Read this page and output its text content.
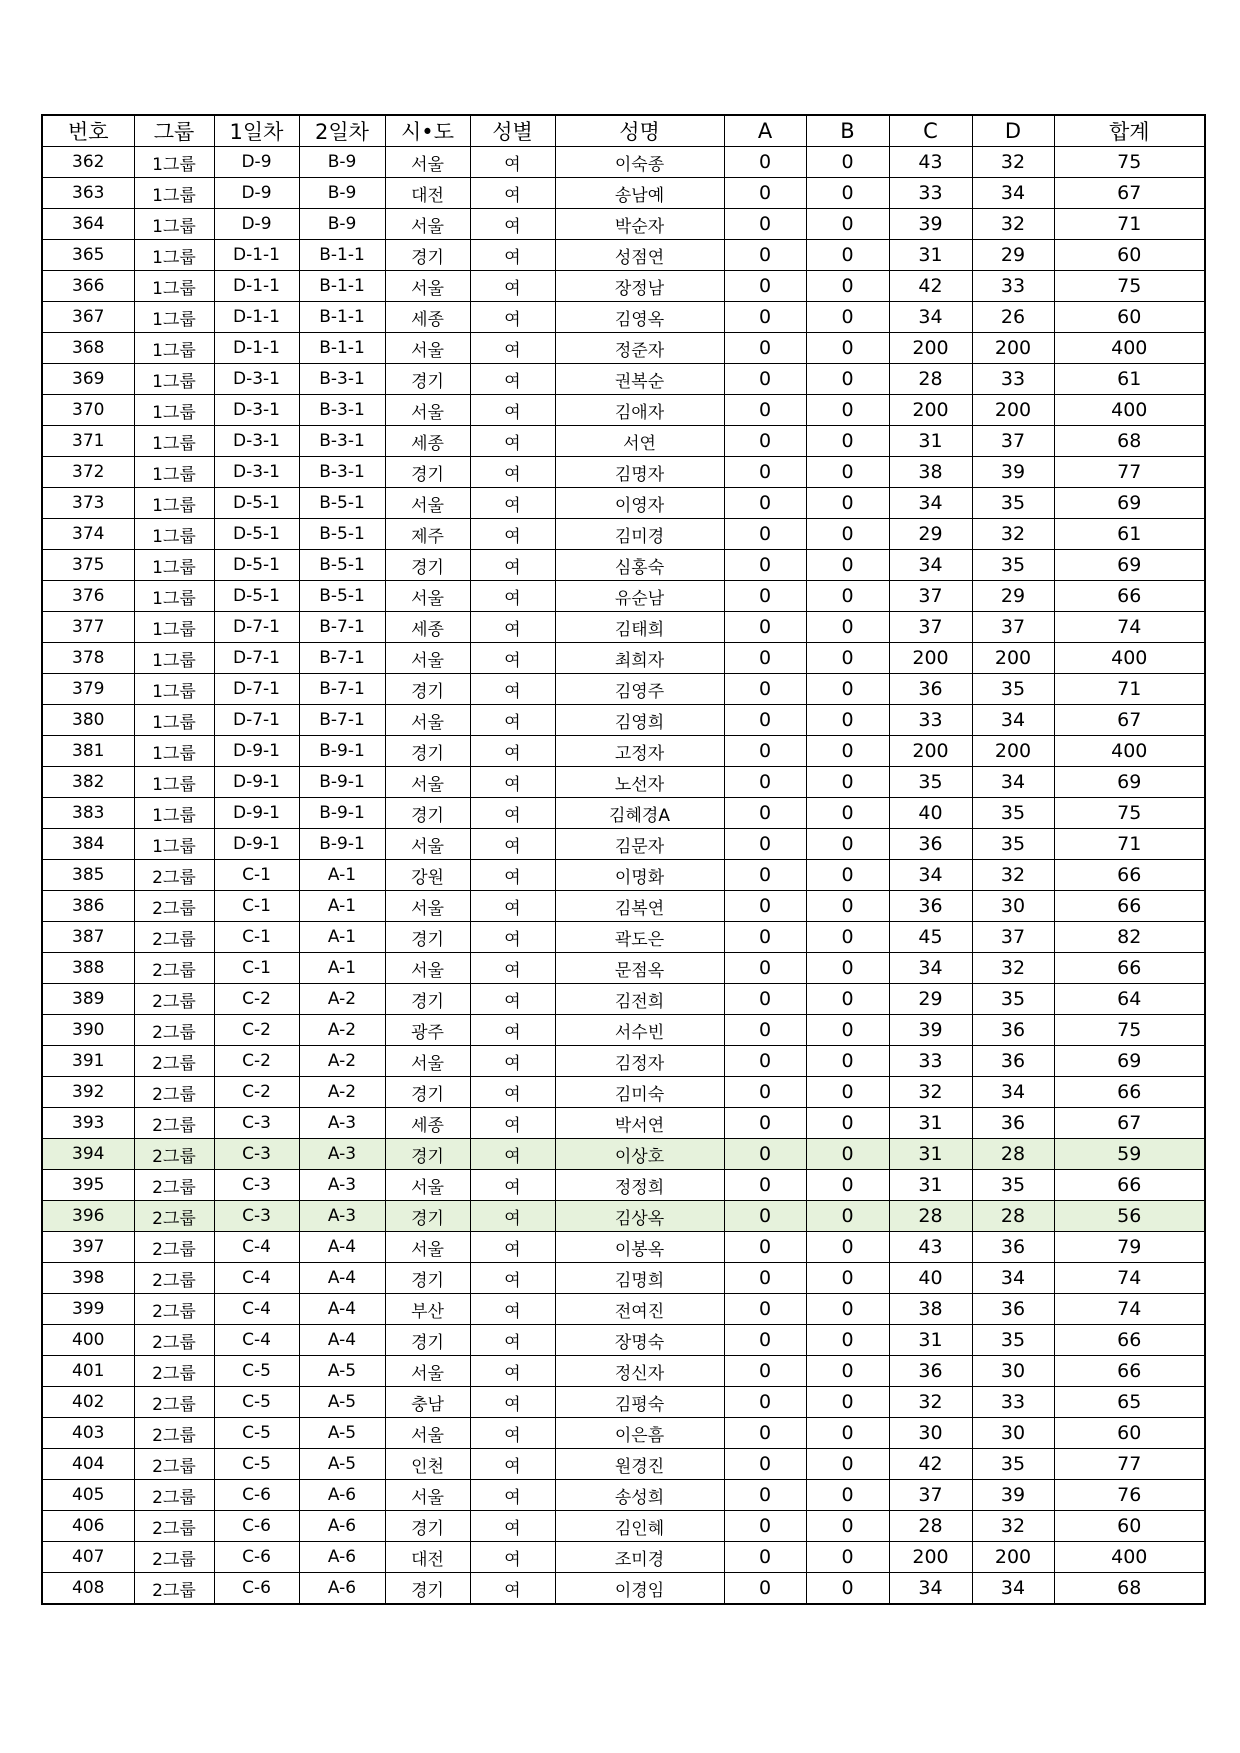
번호	그룹	1일차	2일차	시•도	성별	성명	A	B	C	D	합계
362	1그룹	D-9	B-9	서울	여	이숙종	0	0	43	32	75
363	1그룹	D-9	B-9	대전	여	송남예	0	0	33	34	67
364	1그룹	D-9	B-9	서울	여	박순자	0	0	39	32	71
365	1그룹	D-1-1	B-1-1	경기	여	성점연	0	0	31	29	60
366	1그룹	D-1-1	B-1-1	서울	여	장정남	0	0	42	33	75
367	1그룹	D-1-1	B-1-1	세종	여	김영옥	0	0	34	26	60
368	1그룹	D-1-1	B-1-1	서울	여	정준자	0	0	200	200	400
369	1그룹	D-3-1	B-3-1	경기	여	권복순	0	0	28	33	61
370	1그룹	D-3-1	B-3-1	서울	여	김애자	0	0	200	200	400
371	1그룹	D-3-1	B-3-1	세종	여	서연	0	0	31	37	68
372	1그룹	D-3-1	B-3-1	경기	여	김명자	0	0	38	39	77
373	1그룹	D-5-1	B-5-1	서울	여	이영자	0	0	34	35	69
374	1그룹	D-5-1	B-5-1	제주	여	김미경	0	0	29	32	61
375	1그룹	D-5-1	B-5-1	경기	여	심홍숙	0	0	34	35	69
376	1그룹	D-5-1	B-5-1	서울	여	유순남	0	0	37	29	66
377	1그룹	D-7-1	B-7-1	세종	여	김태희	0	0	37	37	74
378	1그룹	D-7-1	B-7-1	서울	여	최희자	0	0	200	200	400
379	1그룹	D-7-1	B-7-1	경기	여	김영주	0	0	36	35	71
380	1그룹	D-7-1	B-7-1	서울	여	김영희	0	0	33	34	67
381	1그룹	D-9-1	B-9-1	경기	여	고정자	0	0	200	200	400
382	1그룹	D-9-1	B-9-1	서울	여	노선자	0	0	35	34	69
383	1그룹	D-9-1	B-9-1	경기	여	김혜경A	0	0	40	35	75
384	1그룹	D-9-1	B-9-1	서울	여	김문자	0	0	36	35	71
385	2그룹	C-1	A-1	강원	여	이명화	0	0	34	32	66
386	2그룹	C-1	A-1	서울	여	김복연	0	0	36	30	66
387	2그룹	C-1	A-1	경기	여	곽도은	0	0	45	37	82
388	2그룹	C-1	A-1	서울	여	문점옥	0	0	34	32	66
389	2그룹	C-2	A-2	경기	여	김전희	0	0	29	35	64
390	2그룹	C-2	A-2	광주	여	서수빈	0	0	39	36	75
391	2그룹	C-2	A-2	서울	여	김정자	0	0	33	36	69
392	2그룹	C-2	A-2	경기	여	김미숙	0	0	32	34	66
393	2그룹	C-3	A-3	세종	여	박서연	0	0	31	36	67
394	2그룹	C-3	A-3	경기	여	이상호	0	0	31	28	59
395	2그룹	C-3	A-3	서울	여	정정희	0	0	31	35	66
396	2그룹	C-3	A-3	경기	여	김상옥	0	0	28	28	56
397	2그룹	C-4	A-4	서울	여	이봉옥	0	0	43	36	79
398	2그룹	C-4	A-4	경기	여	김명희	0	0	40	34	74
399	2그룹	C-4	A-4	부산	여	전여진	0	0	38	36	74
400	2그룹	C-4	A-4	경기	여	장명숙	0	0	31	35	66
401	2그룹	C-5	A-5	서울	여	정신자	0	0	36	30	66
402	2그룹	C-5	A-5	충남	여	김평숙	0	0	32	33	65
403	2그룹	C-5	A-5	서울	여	이은흠	0	0	30	30	60
404	2그룹	C-5	A-5	인천	여	원경진	0	0	42	35	77
405	2그룹	C-6	A-6	서울	여	송성희	0	0	37	39	76
406	2그룹	C-6	A-6	경기	여	김인혜	0	0	28	32	60
407	2그룹	C-6	A-6	대전	여	조미경	0	0	200	200	400
408	2그룹	C-6	A-6	경기	여	이경임	0	0	34	34	68
